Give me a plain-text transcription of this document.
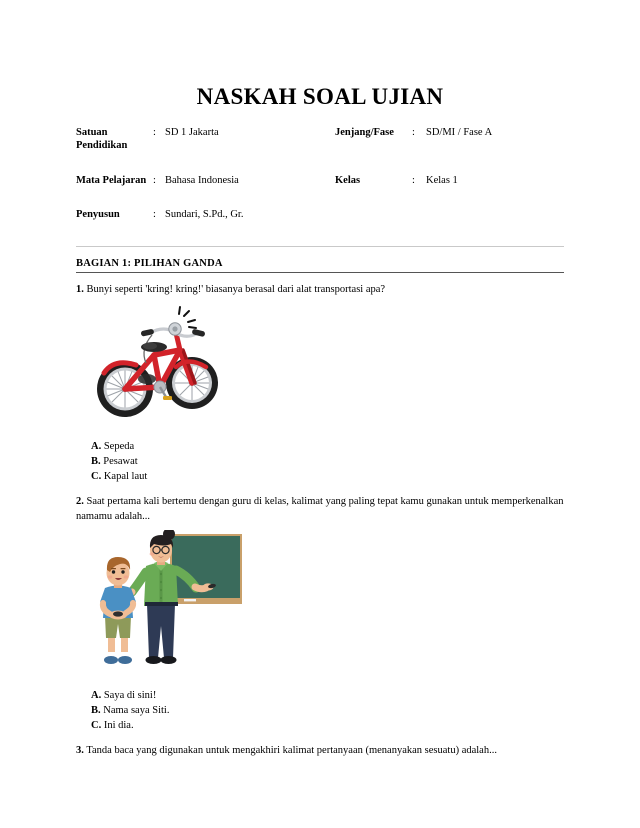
NASKAH SOAL UJIAN
Satuan Pendidikan	:	SD 1 Jakarta	Jenjang/Fase	:	SD/MI / Fase A

Mata Pelajaran	:	Bahasa Indonesia	Kelas	:	Kelas 1

Penyusun	:	Sundari, S.Pd., Gr.			
BAGIAN 1: PILIHAN GANDA
1. Bunyi seperti 'kring! kring!' biasanya berasal dari alat transportasi apa?
A. Sepeda
B. Pesawat
C. Kapal laut
2. Saat pertama kali bertemu dengan guru di kelas, kalimat yang paling tepat kamu gunakan untuk memperkenalkan namamu adalah...
A. Saya di sini!
B. Nama saya Siti.
C. Ini dia.
3. Tanda baca yang digunakan untuk mengakhiri kalimat pertanyaan (menanyakan sesuatu) adalah...
